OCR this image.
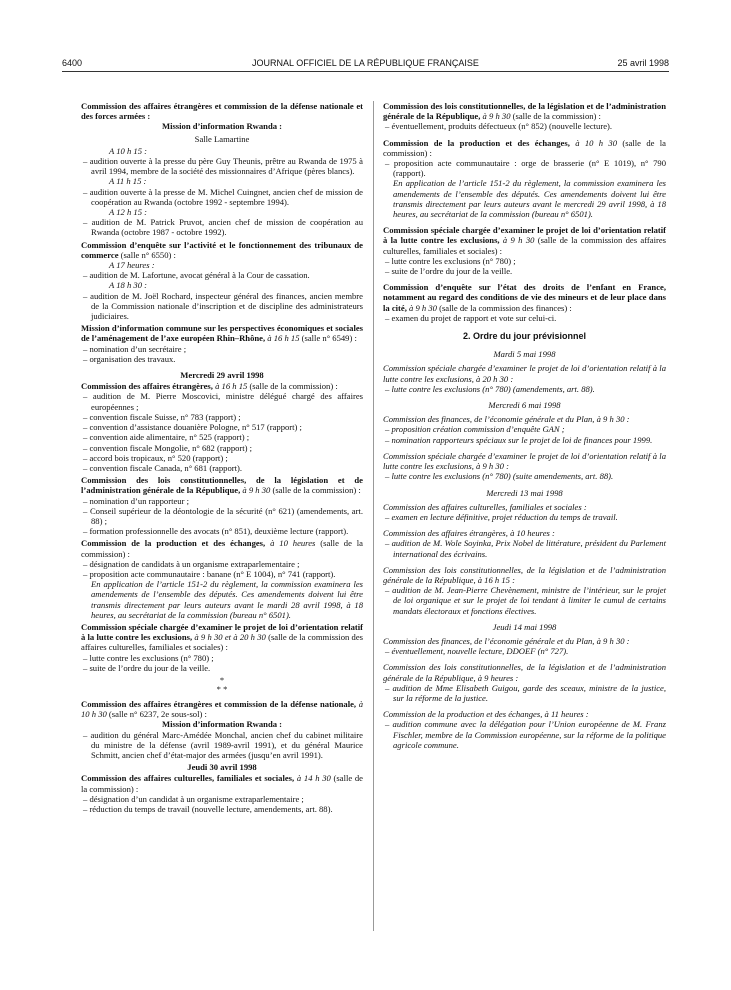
6400	JOURNAL OFFICIEL DE LA RÉPUBLIQUE FRANÇAISE	25 avril 1998

Commission des affaires étrangères et commission de la défense nationale et des forces armées :

Mission d’information Rwanda :

Salle Lamartine

A 10 h 15 :

– audition ouverte à la presse du père Guy Theunis, prêtre au Rwanda de 1975 à avril 1994, membre de la société des missionnaires d’Afrique (pères blancs).

A 11 h 15 :

– audition ouverte à la presse de M. Michel Cuingnet, ancien chef de mission de coopération au Rwanda (octobre 1992 - septembre 1994).

A 12 h 15 :

– audition de M. Patrick Pruvot, ancien chef de mission de coopération au Rwanda (octobre 1987 - octobre 1992).

Commission d’enquête sur l’activité et le fonctionnement des tribunaux de commerce (salle n° 6550) :

A 17 heures :

– audition de M. Lafortune, avocat général à la Cour de cassation.

A 18 h 30 :

– audition de M. Joël Rochard, inspecteur général des finances, ancien membre de la Commission nationale d’inscription et de discipline des administrateurs judiciaires.

Mission d’information commune sur les perspectives économiques et sociales de l’aménagement de l’axe européen Rhin–Rhône, à 16 h 15 (salle n° 6549) :

– nomination d’un secrétaire ;

– organisation des travaux.

Mercredi 29 avril 1998

Commission des affaires étrangères, à 16 h 15 (salle de la commission) :

– audition de M. Pierre Moscovici, ministre délégué chargé des affaires européennes ;

– convention fiscale Suisse, n° 783 (rapport) ;

– convention d’assistance douanière Pologne, n° 517 (rapport) ;

– convention aide alimentaire, n° 525 (rapport) ;

– convention fiscale Mongolie, n° 682 (rapport) ;

– accord bois tropicaux, n° 520 (rapport) ;

– convention fiscale Canada, n° 681 (rapport).

Commission des lois constitutionnelles, de la législation et de l’administration générale de la République, à 9 h 30 (salle de la commission) :

– nomination d’un rapporteur ;

– Conseil supérieur de la déontologie de la sécurité (n° 621) (amendements, art. 88) ;

– formation professionnelle des avocats (n° 851), deuxième lecture (rapport).

Commission de la production et des échanges, à 10 heures (salle de la commission) :

– désignation de candidats à un organisme extraparlementaire ;

– proposition acte communautaire : banane (n° E 1004), n° 741 (rapport).

En application de l’article 151-2 du règlement, la commission examinera les amendements de l’ensemble des députés. Ces amendements doivent lui être transmis directement par leurs auteurs avant le mardi 28 avril 1998, à 18 heures, au secrétariat de la commission (bureau n° 6501).

Commission spéciale chargée d’examiner le projet de loi d’orientation relatif à la lutte contre les exclusions, à 9 h 30 et à 20 h 30 (salle de la commission des affaires culturelles, familiales et sociales) :

– lutte contre les exclusions (n° 780) ;

– suite de l’ordre du jour de la veille.

*

* *

Commission des affaires étrangères et commission de la défense nationale, à 10 h 30 (salle n° 6237, 2e sous-sol) :

Mission d’information Rwanda :

– audition du général Marc-Amédée Monchal, ancien chef du cabinet militaire du ministre de la défense (avril 1989-avril 1991), et du général Maurice Schmitt, ancien chef d’état-major des armées (jusqu’en avril 1991).

Jeudi 30 avril 1998

Commission des affaires culturelles, familiales et sociales, à 14 h 30 (salle de la commission) :

– désignation d’un candidat à un organisme extraparlementaire ;

– réduction du temps de travail (nouvelle lecture, amendements, art. 88).

Commission des lois constitutionnelles, de la législation et de l’administration générale de la République, à 9 h 30 (salle de la commission) :

– éventuellement, produits défectueux (n° 852) (nouvelle lecture).

Commission de la production et des échanges, à 10 h 30 (salle de la commission) :

– proposition acte communautaire : orge de brasserie (n° E 1019), n° 790 (rapport).

En application de l’article 151-2 du règlement, la commission examinera les amendements de l’ensemble des députés. Ces amendements doivent lui être transmis directement par leurs auteurs avant le mercredi 29 avril 1998, à 18 heures, au secrétariat de la commission (bureau n° 6501).

Commission spéciale chargée d’examiner le projet de loi d’orientation relatif à la lutte contre les exclusions, à 9 h 30 (salle de la commission des affaires culturelles, familiales et sociales) :

– lutte contre les exclusions (n° 780) ;

– suite de l’ordre du jour de la veille.

Commission d’enquête sur l’état des droits de l’enfant en France, notamment au regard des conditions de vie des mineurs et de leur place dans la cité, à 9 h 30 (salle de la commission des finances) :

– examen du projet de rapport et vote sur celui-ci.

2. Ordre du jour prévisionnel

Mardi 5 mai 1998

Commission spéciale chargée d’examiner le projet de loi d’orientation relatif à la lutte contre les exclusions, à 20 h 30 :

– lutte contre les exclusions (n° 780) (amendements, art. 88).

Mercredi 6 mai 1998

Commission des finances, de l’économie générale et du Plan, à 9 h 30 :

– proposition création commission d’enquête GAN ;

– nomination rapporteurs spéciaux sur le projet de loi de finances pour 1999.

Commission spéciale chargée d’examiner le projet de loi d’orientation relatif à la lutte contre les exclusions, à 9 h 30 :

– lutte contre les exclusions (n° 780) (suite amendements, art. 88).

Mercredi 13 mai 1998

Commission des affaires culturelles, familiales et sociales :

– examen en lecture définitive, projet réduction du temps de travail.

Commission des affaires étrangères, à 10 heures :

– audition de M. Wole Soyinka, Prix Nobel de littérature, président du Parlement international des écrivains.

Commission des lois constitutionnelles, de la législation et de l’administration générale de la République, à 16 h 15 :

– audition de M. Jean-Pierre Chevènement, ministre de l’intérieur, sur le projet de loi organique et sur le projet de loi tendant à limiter le cumul de certains mandats électoraux et fonctions électives.

Jeudi 14 mai 1998

Commission des finances, de l’économie générale et du Plan, à 9 h 30 :

– éventuellement, nouvelle lecture, DDOEF (n° 727).

Commission des lois constitutionnelles, de la législation et de l’administration générale de la République, à 9 heures :

– audition de Mme Elisabeth Guigou, garde des sceaux, ministre de la justice, sur la réforme de la justice.

Commission de la production et des échanges, à 11 heures :

– audition commune avec la délégation pour l’Union européenne de M. Franz Fischler, membre de la Commission européenne, sur la réforme de la politique agricole commune.
